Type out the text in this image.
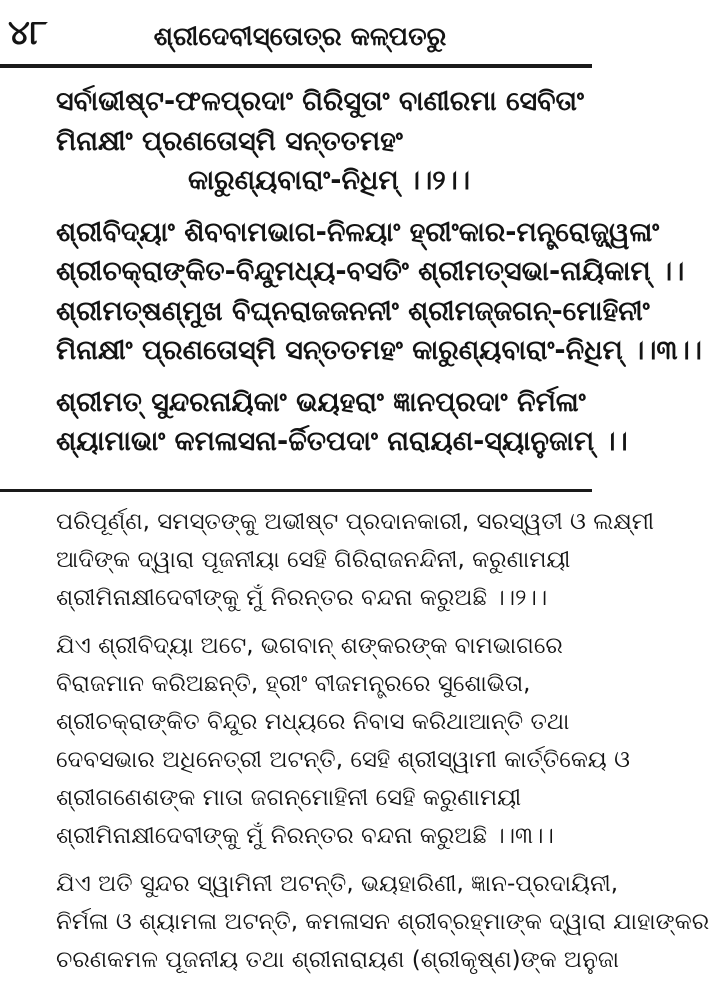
୪୮	ଶ୍ରୀଦେବୀସ୍ତୋତ୍ର କଳ୍ପତରୁ
ସର୍ବାଭୀଷ୍ଟ-ଫଳପ୍ରଦାଂ ଗିରିସୁତାଂ ବାଣୀରମା ସେବିତାଂ
ମିନାକ୍ଷୀଂ ପ୍ରଣତୋସ୍ମି ସନ୍ତତମହଂ
କାରୁଣ୍ୟବାରାଂ-ନିଧିମ୍ ।।୨।।
ଶ୍ରୀବିଦ୍ୟାଂ ଶିବବାମଭାଗ-ନିଳୟାଂ ହ୍ରୀଂକାର-ମନ୍ତ୍ରୋଜ୍ଜ୍ୱଳାଂ
ଶ୍ରୀଚକ୍ରାଙ୍କିତ-ବିନ୍ଦୁମଧ୍ୟ-ବସତିଂ ଶ୍ରୀମତ୍‌ସଭା-ନାୟିକାମ୍ ।।
ଶ୍ରୀମତ୍‌ଷଣ୍ମୁଖ ବିଘ୍ନରାଜଜନନୀଂ ଶ୍ରୀମଜ୍ଜଗନ୍-ମୋହିନୀଂ
ମିନାକ୍ଷୀଂ ପ୍ରଣତୋସ୍ମି ସନ୍ତତମହଂ କାରୁଣ୍ୟବାରାଂ-ନିଧିମ୍ ।।୩।।
ଶ୍ରୀମତ୍ ସୁନ୍ଦରନାୟିକାଂ ଭୟହରାଂ ଜ୍ଞାନପ୍ରଦାଂ ନିର୍ମଳାଂ
ଶ୍ୟାମାଭାଂ କମଳାସନା-ର୍ଚ୍ଚିତପଦାଂ ନାରାୟଣ-ସ୍ୟାନୁଜାମ୍ ।।
ପରିପୂର୍ଣ୍ଣ, ସମସ୍ତଙ୍କୁ ଅଭୀଷ୍ଟ ପ୍ରଦାନକାରୀ, ସରସ୍ୱତୀ ଓ ଲକ୍ଷ୍ମୀ
ଆଦିଙ୍କ ଦ୍ୱାରା ପୂଜନୀୟା ସେହି ଗିରିରାଜନନ୍ଦିନୀ, କରୁଣାମୟୀ
ଶ୍ରୀମିନାକ୍ଷୀଦେବୀଙ୍କୁ ମୁଁ ନିରନ୍ତର ବନ୍ଦନା କରୁଅଛି ।।୨।।
ଯିଏ ଶ୍ରୀବିଦ୍ୟା ଅଟେ, ଭଗବାନ୍ ଶଙ୍କରଙ୍କ ବାମଭାଗରେ
ବିରାଜମାନ କରିଅଛନ୍ତି, ହ୍ରୀଂ ବୀଜମନ୍ତ୍ରରେ ସୁଶୋଭିତା,
ଶ୍ରୀଚକ୍ରାଙ୍କିତ ବିନ୍ଦୁର ମଧ୍ୟରେ ନିବାସ କରିଥାଆନ୍ତି ତଥା
ଦେବସଭାର ଅଧିନେତ୍ରୀ ଅଟନ୍ତି, ସେହି ଶ୍ରୀସ୍ୱାମୀ କାର୍ତ୍ତିକେୟ ଓ
ଶ୍ରୀଗଣେଶଙ୍କ ମାତା ଜଗନ୍ମୋହିନୀ ସେହି କରୁଣାମୟୀ
ଶ୍ରୀମିନାକ୍ଷୀଦେବୀଙ୍କୁ ମୁଁ ନିରନ୍ତର ବନ୍ଦନା କରୁଅଛି ।।୩।।
ଯିଏ ଅତି ସୁନ୍ଦର ସ୍ୱାମିନୀ ଅଟନ୍ତି, ଭୟହାରିଣୀ, ଜ୍ଞାନ-ପ୍ରଦାୟିନୀ,
ନିର୍ମଳା ଓ ଶ୍ୟାମଳା ଅଟନ୍ତି, କମଳାସନ ଶ୍ରୀବ୍ରହ୍ମାଙ୍କ ଦ୍ୱାରା ଯାହାଙ୍କର
ଚରଣକମଳ ପୂଜନୀୟ ତଥା ଶ୍ରୀନାରାୟଣ (ଶ୍ରୀକୃଷ୍ଣ)ଙ୍କ ଅନୁଜା
